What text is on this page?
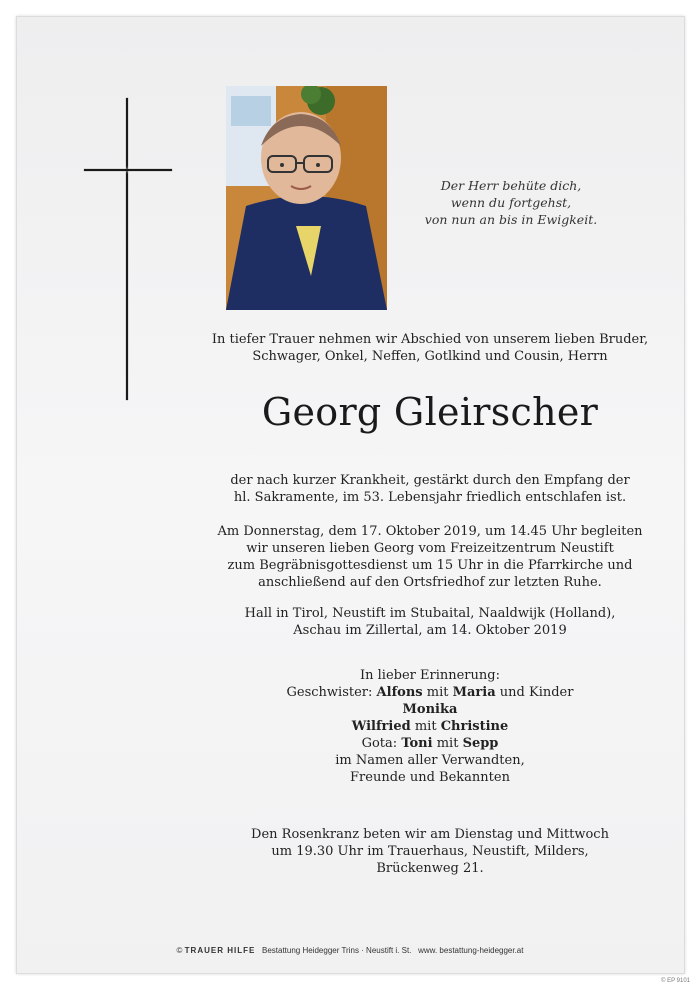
Der Herr behüte dich,
wenn du fortgehst,
von nun an bis in Ewigkeit.

In tiefer Trauer nehmen wir Abschied von unserem lieben Bruder,

Schwager, Onkel, Neffen, Gotlkind und Cousin, Herrn

Georg Gleirscher

der nach kurzer Krankheit, gestärkt durch den Empfang der

hl. Sakramente, im 53. Lebensjahr friedlich entschlafen ist.

Am Donnerstag, dem 17. Oktober 2019, um 14.45 Uhr begleiten

wir unseren lieben Georg vom Freizeitzentrum Neustift

zum Begräbnisgottesdienst um 15 Uhr in die Pfarrkirche und

anschließend auf den Ortsfriedhof zur letzten Ruhe.

Hall in Tirol, Neustift im Stubaital, Naaldwijk (Holland),

Aschau im Zillertal, am 14. Oktober 2019

In lieber Erinnerung:

Geschwister: Alfons mit Maria und Kinder

Monika

Wilfried mit Christine

Gota: Toni mit Sepp

im Namen aller Verwandten,

Freunde und Bekannten

Den Rosenkranz beten wir am Dienstag und Mittwoch

um 19.30 Uhr im Trauerhaus, Neustift, Milders,

Brückenweg 21.

© TRAUER HILFE Bestattung Heidegger Trins · Neustift i. St. www. bestattung-heidegger.at
© EP 9101
